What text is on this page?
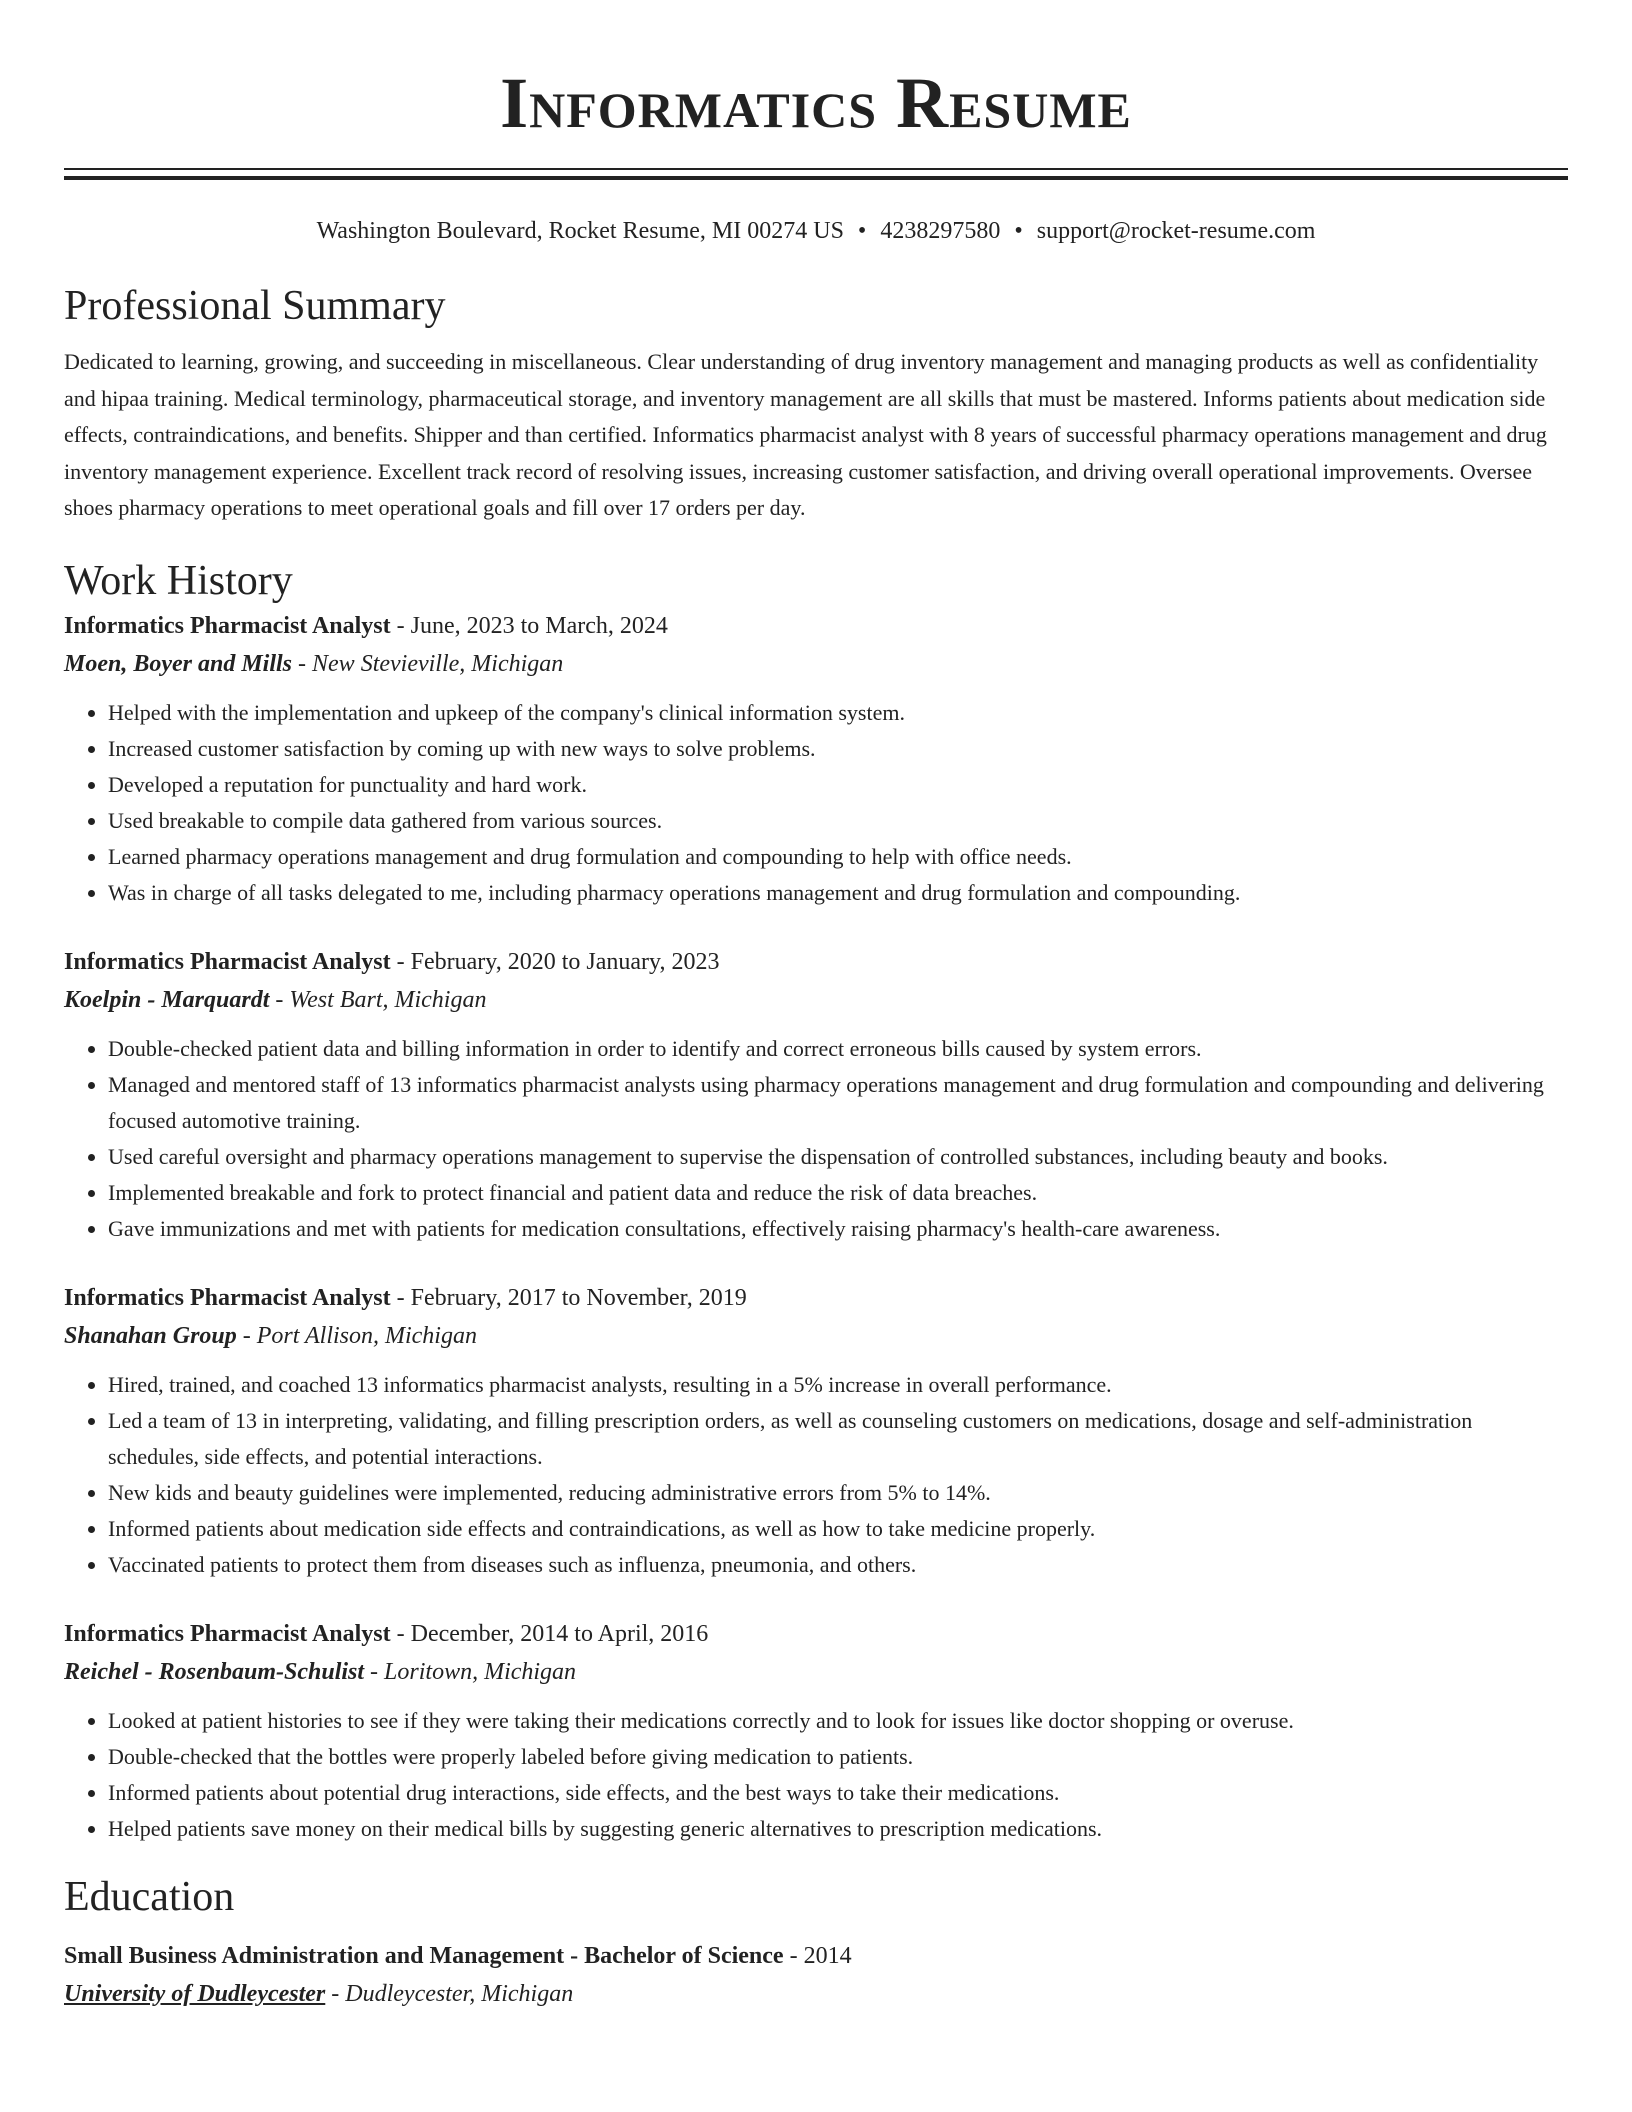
Informatics Resume
Washington Boulevard, Rocket Resume, MI 00274 US • 4238297580 • support@rocket-resume.com
Professional Summary

Dedicated to learning, growing, and succeeding in miscellaneous. Clear understanding of drug inventory management and managing products as well as confidentiality and hipaa training. Medical terminology, pharmaceutical storage, and inventory management are all skills that must be mastered. Informs patients about medication side effects, contraindications, and benefits. Shipper and than certified. Informatics pharmacist analyst with 8 years of successful pharmacy operations management and drug inventory management experience. Excellent track record of resolving issues, increasing customer satisfaction, and driving overall operational improvements. Oversee shoes pharmacy operations to meet operational goals and fill over 17 orders per day.

Work History
Informatics Pharmacist Analyst - June, 2023 to March, 2024
Moen, Boyer and Mills - New Stevieville, Michigan
• Helped with the implementation and upkeep of the company's clinical information system.
• Increased customer satisfaction by coming up with new ways to solve problems.
• Developed a reputation for punctuality and hard work.
• Used breakable to compile data gathered from various sources.
• Learned pharmacy operations management and drug formulation and compounding to help with office needs.
• Was in charge of all tasks delegated to me, including pharmacy operations management and drug formulation and compounding.
Informatics Pharmacist Analyst - February, 2020 to January, 2023
Koelpin - Marquardt - West Bart, Michigan
• Double-checked patient data and billing information in order to identify and correct erroneous bills caused by system errors.
• Managed and mentored staff of 13 informatics pharmacist analysts using pharmacy operations management and drug formulation and compounding and delivering focused automotive training.
• Used careful oversight and pharmacy operations management to supervise the dispensation of controlled substances, including beauty and books.
• Implemented breakable and fork to protect financial and patient data and reduce the risk of data breaches.
• Gave immunizations and met with patients for medication consultations, effectively raising pharmacy's health-care awareness.
Informatics Pharmacist Analyst - February, 2017 to November, 2019
Shanahan Group - Port Allison, Michigan
• Hired, trained, and coached 13 informatics pharmacist analysts, resulting in a 5% increase in overall performance.
• Led a team of 13 in interpreting, validating, and filling prescription orders, as well as counseling customers on medications, dosage and self-administration schedules, side effects, and potential interactions.
• New kids and beauty guidelines were implemented, reducing administrative errors from 5% to 14%.
• Informed patients about medication side effects and contraindications, as well as how to take medicine properly.
• Vaccinated patients to protect them from diseases such as influenza, pneumonia, and others.
Informatics Pharmacist Analyst - December, 2014 to April, 2016
Reichel - Rosenbaum-Schulist - Loritown, Michigan
• Looked at patient histories to see if they were taking their medications correctly and to look for issues like doctor shopping or overuse.
• Double-checked that the bottles were properly labeled before giving medication to patients.
• Informed patients about potential drug interactions, side effects, and the best ways to take their medications.
• Helped patients save money on their medical bills by suggesting generic alternatives to prescription medications.
Education
Small Business Administration and Management - Bachelor of Science - 2014
University of Dudleycester - Dudleycester, Michigan
